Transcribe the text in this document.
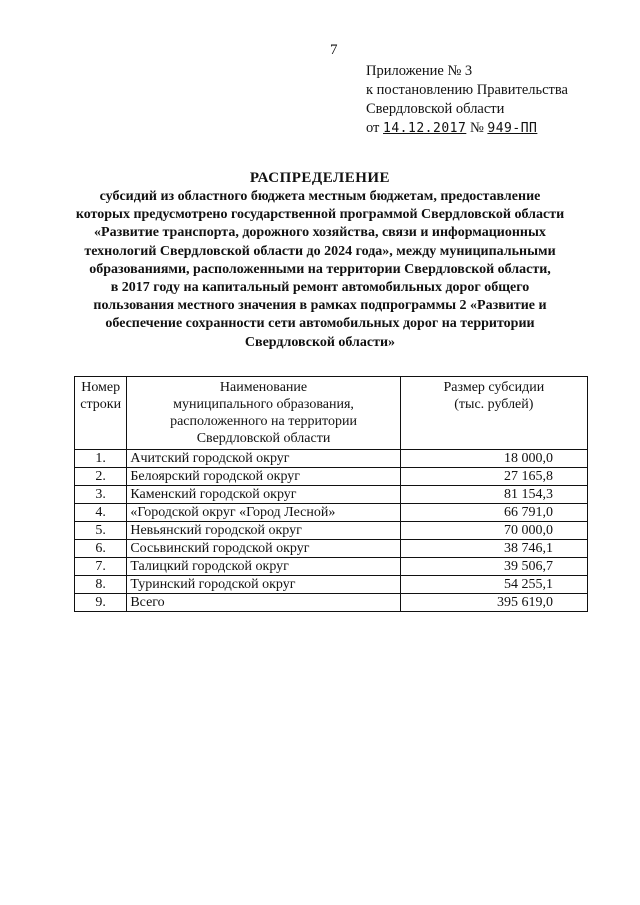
7
Приложение № 3
к постановлению Правительства
Свердловской области
от 14.12.2017 № 949-ПП
РАСПРЕДЕЛЕНИЕ
субсидий из областного бюджета местным бюджетам, предоставление
которых предусмотрено государственной программой Свердловской области
«Развитие транспорта, дорожного хозяйства, связи и информационных
технологий Свердловской области до 2024 года», между муниципальными
образованиями, расположенными на территории Свердловской области,
в 2017 году на капитальный ремонт автомобильных дорог общего
пользования местного значения в рамках подпрограммы 2 «Развитие и
обеспечение сохранности сети автомобильных дорог на территории
Свердловской области»
Номер
строки	Наименование
муниципального образования,
расположенного на территории
Свердловской области	Размер субсидии
(тыс. рублей)

1.	Ачитский городской округ	18 000,0
2.	Белоярский городской округ	27 165,8
3.	Каменский городской округ	81 154,3
4.	«Городской округ «Город Лесной»	66 791,0
5.	Невьянский городской округ	70 000,0
6.	Сосьвинский городской округ	38 746,1
7.	Талицкий городской округ	39 506,7
8.	Туринский городской округ	54 255,1
9.	Всего	395 619,0
